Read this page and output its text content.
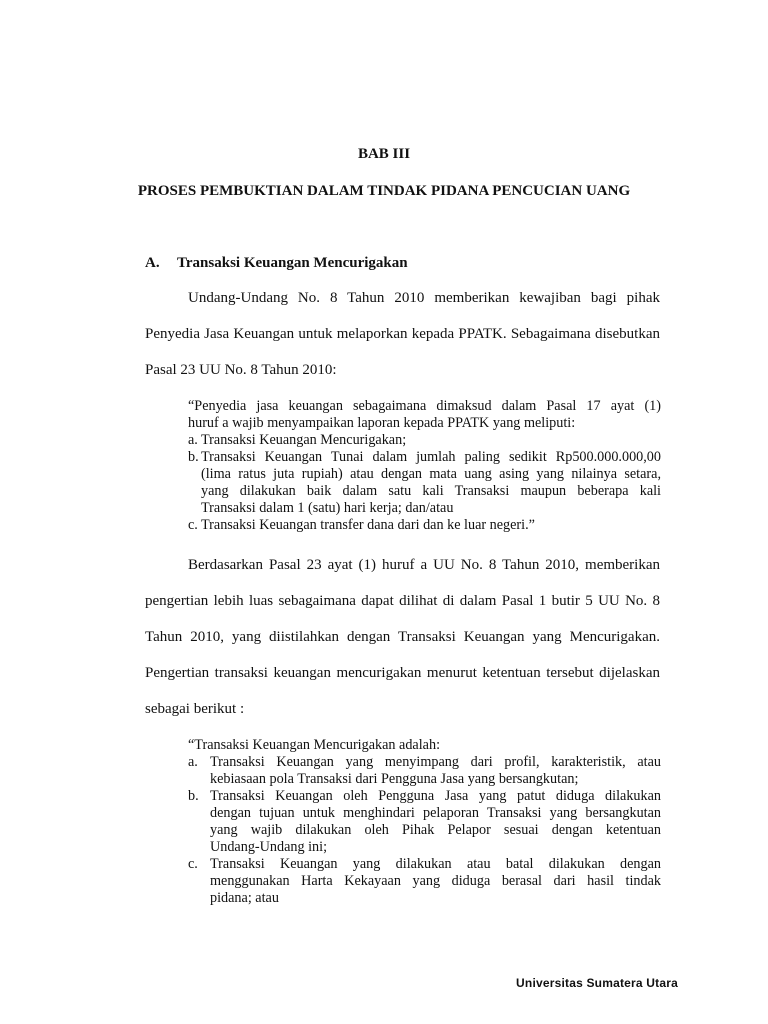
BAB III
PROSES PEMBUKTIAN DALAM TINDAK PIDANA PENCUCIAN UANG
A. Transaksi Keuangan Mencurigakan
Undang-Undang No. 8 Tahun 2010 memberikan kewajiban bagi pihak
Penyedia Jasa Keuangan untuk melaporkan kepada PPATK. Sebagaimana disebutkan
Pasal 23 UU No. 8 Tahun 2010:
“Penyedia jasa keuangan sebagaimana dimaksud dalam Pasal 17 ayat (1)
huruf a wajib menyampaikan laporan kepada PPATK yang meliputi:
a. Transaksi Keuangan Mencurigakan;
b. Transaksi Keuangan Tunai dalam jumlah paling sedikit Rp500.000.000,00
(lima ratus juta rupiah) atau dengan mata uang asing yang nilainya setara,
yang dilakukan baik dalam satu kali Transaksi maupun beberapa kali
Transaksi dalam 1 (satu) hari kerja; dan/atau
c. Transaksi Keuangan transfer dana dari dan ke luar negeri.”
Berdasarkan Pasal 23 ayat (1) huruf a UU No. 8 Tahun 2010, memberikan
pengertian lebih luas sebagaimana dapat dilihat di dalam Pasal 1 butir 5 UU No. 8
Tahun 2010, yang diistilahkan dengan Transaksi Keuangan yang Mencurigakan.
Pengertian transaksi keuangan mencurigakan menurut ketentuan tersebut dijelaskan
sebagai berikut :
“Transaksi Keuangan Mencurigakan adalah:
a. Transaksi Keuangan yang menyimpang dari profil, karakteristik, atau
kebiasaan pola Transaksi dari Pengguna Jasa yang bersangkutan;
b. Transaksi Keuangan oleh Pengguna Jasa yang patut diduga dilakukan
dengan tujuan untuk menghindari pelaporan Transaksi yang bersangkutan
yang wajib dilakukan oleh Pihak Pelapor sesuai dengan ketentuan
Undang-Undang ini;
c. Transaksi Keuangan yang dilakukan atau batal dilakukan dengan
menggunakan Harta Kekayaan yang diduga berasal dari hasil tindak
pidana; atau
Universitas Sumatera Utara
